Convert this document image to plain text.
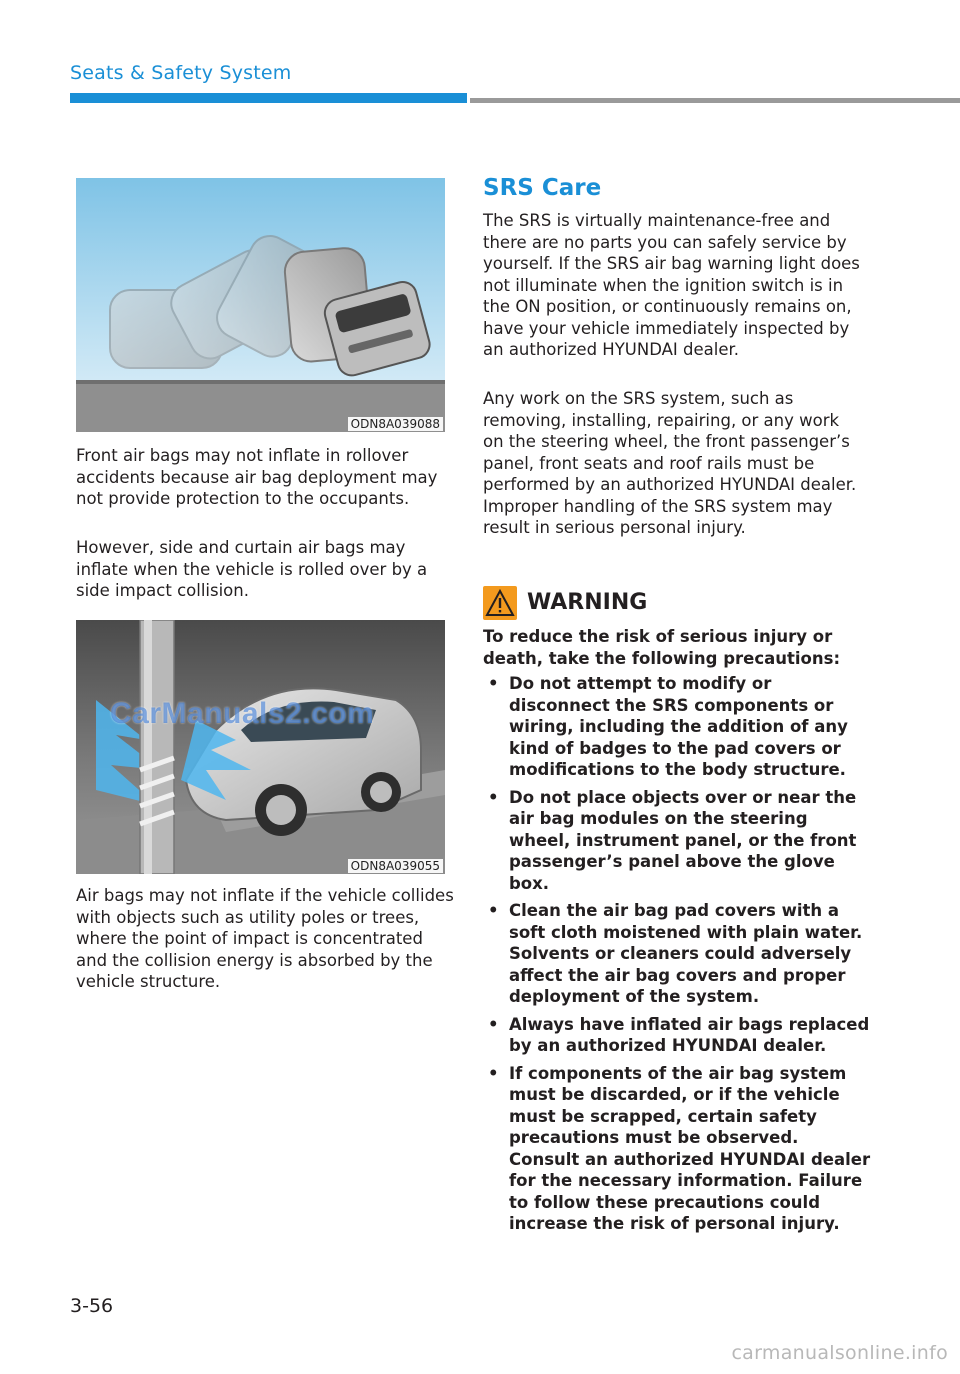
Seats & Safety System
ODN8A039088

Front air bags may not inflate in rollover accidents because air bag deployment may not provide protection to the occupants.

However, side and curtain air bags may inflate when the vehicle is rolled over by a side impact collision.

ODN8A039055
CarManuals2.com

Air bags may not inflate if the vehicle collides with objects such as utility poles or trees, where the point of impact is concentrated and the collision energy is absorbed by the vehicle structure.

SRS Care

The SRS is virtually maintenance-free and there are no parts you can safely service by yourself. If the SRS air bag warning light does not illuminate when the ignition switch is in the ON position, or continuously remains on, have your vehicle immediately inspected by an authorized HYUNDAI dealer.

Any work on the SRS system, such as removing, installing, repairing, or any work on the steering wheel, the front passenger’s panel, front seats and roof rails must be performed by an authorized HYUNDAI dealer. Improper handling of the SRS system may result in serious personal injury.

WARNING

To reduce the risk of serious injury or death, take the following precautions:

• Do not attempt to modify or disconnect the SRS components or wiring, including the addition of any kind of badges to the pad covers or modifications to the body structure.
• Do not place objects over or near the air bag modules on the steering wheel, instrument panel, or the front passenger’s panel above the glove box.
• Clean the air bag pad covers with a soft cloth moistened with plain water. Solvents or cleaners could adversely affect the air bag covers and proper deployment of the system.
• Always have inflated air bags replaced by an authorized HYUNDAI dealer.
• If components of the air bag system must be discarded, or if the vehicle must be scrapped, certain safety precautions must be observed. Consult an authorized HYUNDAI dealer for the necessary information. Failure to follow these precautions could increase the risk of personal injury.
3-56
carmanualsonline.info
